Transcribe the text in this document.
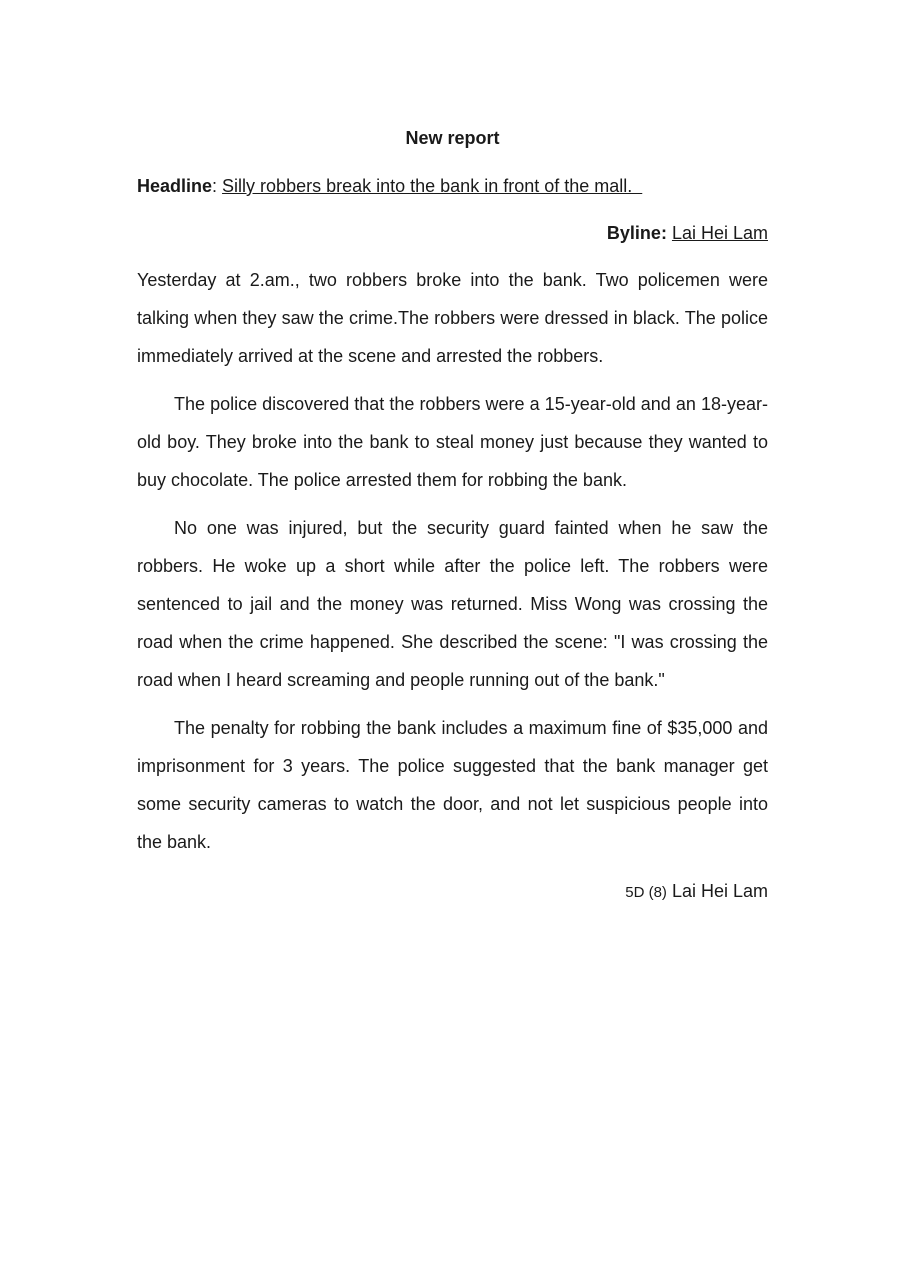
New report
Headline: Silly robbers break into the bank in front of the mall.
Byline: Lai Hei Lam

Yesterday at 2.am., two robbers broke into the bank. Two policemen were talking when they saw the crime.The robbers were dressed in black. The police immediately arrived at the scene and arrested the robbers.

The police discovered that the robbers were a 15-year-old and an 18-year-old boy. They broke into the bank to steal money just because they wanted to buy chocolate. The police arrested them for robbing the bank.

No one was injured, but the security guard fainted when he saw the robbers. He woke up a short while after the police left. The robbers were sentenced to jail and the money was returned. Miss Wong was crossing the road when the crime happened. She described the scene: "I was crossing the road when I heard screaming and people running out of the bank."

The penalty for robbing the bank includes a maximum fine of $35,000 and imprisonment for 3 years. The police suggested that the bank manager get some security cameras to watch the door, and not let suspicious people into the bank.

5D (8) Lai Hei Lam
